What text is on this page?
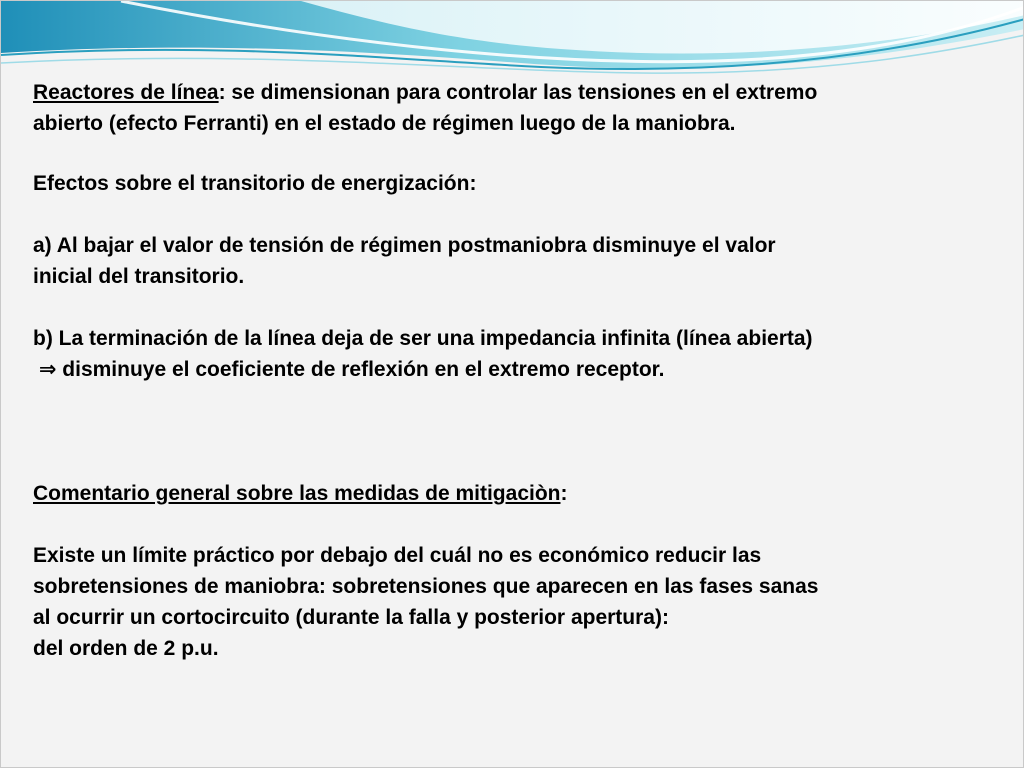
Reactores de línea: se dimensionan para controlar las tensiones en el extremo
abierto (efecto Ferranti) en el estado de régimen luego de la maniobra.

Efectos sobre el transitorio de energización:

a) Al bajar el valor de tensión de régimen postmaniobra disminuye el valor
inicial del transitorio.

b) La terminación de la línea deja de ser una impedancia infinita (línea abierta)
⇒ disminuye el coeficiente de reflexión en el extremo receptor.

Comentario general sobre las medidas de mitigaciòn:

Existe un límite práctico por debajo del cuál no es económico reducir las
sobretensiones de maniobra: sobretensiones que aparecen en las fases sanas
al ocurrir un cortocircuito (durante la falla y posterior apertura):
del orden de 2 p.u.
